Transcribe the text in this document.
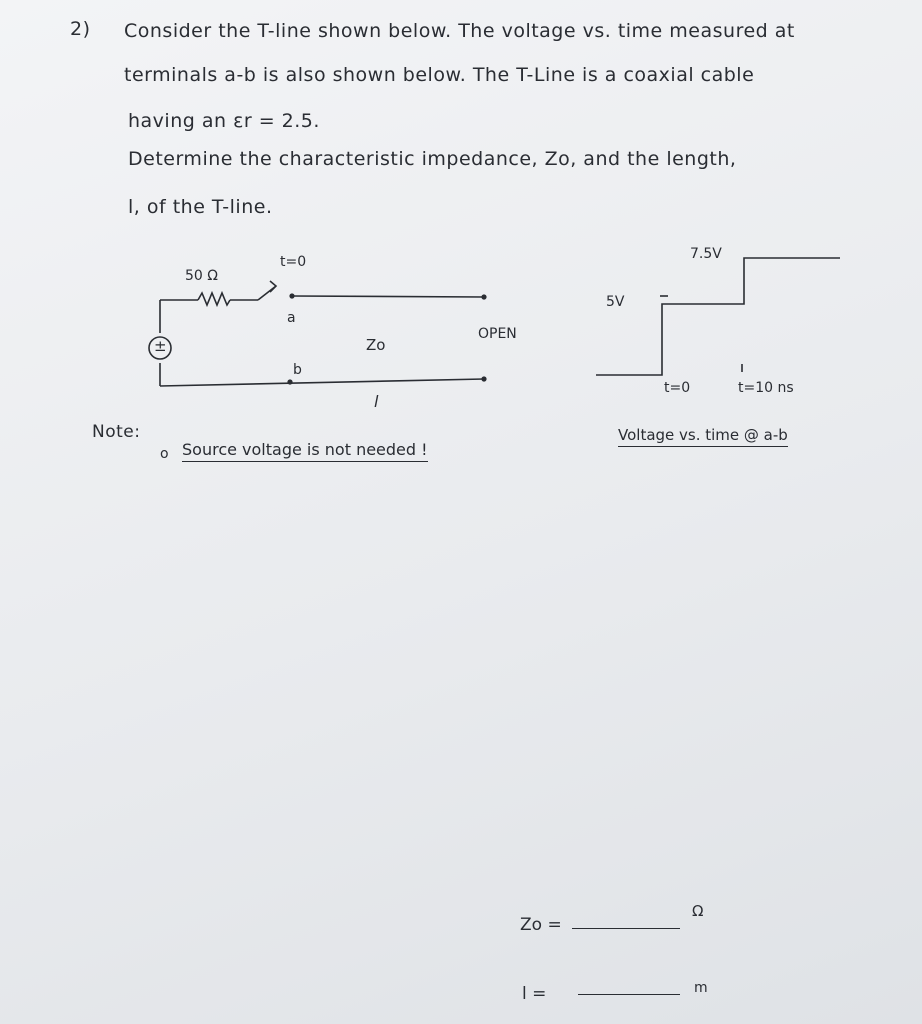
2) Consider the T-line shown below. The voltage vs. time measured at
terminals a-b is also shown below. The T-Line is a coaxial cable
having an εr = 2.5.
Determine the characteristic impedance, Zo, and the length,
l, of the T-line.
50 Ω
t=0
±
a
b
Zo
l
OPEN
7.5V
5V
t=0	t=10 ns
Voltage vs. time @ a-b
Note:
o Source voltage is not needed !
Zo =
Ω
l =	m
